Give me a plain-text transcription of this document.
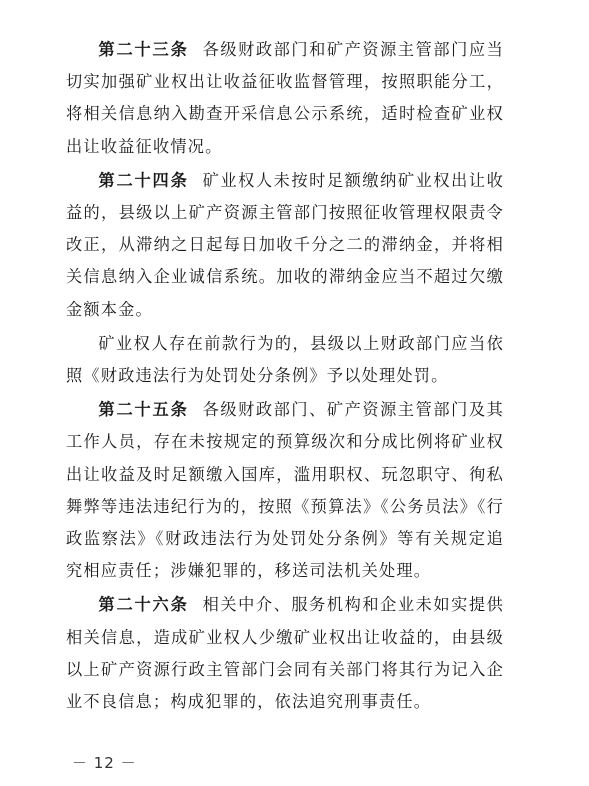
第二十三条 各级财政部门和矿产资源主管部门应当切实加强矿业权出让收益征收监督管理，按照职能分工，将相关信息纳入勘查开采信息公示系统，适时检查矿业权出让收益征收情况。

第二十四条 矿业权人未按时足额缴纳矿业权出让收益的，县级以上矿产资源主管部门按照征收管理权限责令改正，从滞纳之日起每日加收千分之二的滞纳金，并将相关信息纳入企业诚信系统。加收的滞纳金应当不超过欠缴金额本金。

矿业权人存在前款行为的，县级以上财政部门应当依照《财政违法行为处罚处分条例》予以处理处罚。

第二十五条 各级财政部门、矿产资源主管部门及其工作人员，存在未按规定的预算级次和分成比例将矿业权出让收益及时足额缴入国库，滥用职权、玩忽职守、徇私舞弊等违法违纪行为的，按照《预算法》《公务员法》《行政监察法》《财政违法行为处罚处分条例》等有关规定追究相应责任；涉嫌犯罪的，移送司法机关处理。

第二十六条 相关中介、服务机构和企业未如实提供相关信息，造成矿业权人少缴矿业权出让收益的，由县级以上矿产资源行政主管部门会同有关部门将其行为记入企业不良信息；构成犯罪的，依法追究刑事责任。

－ 12 －
